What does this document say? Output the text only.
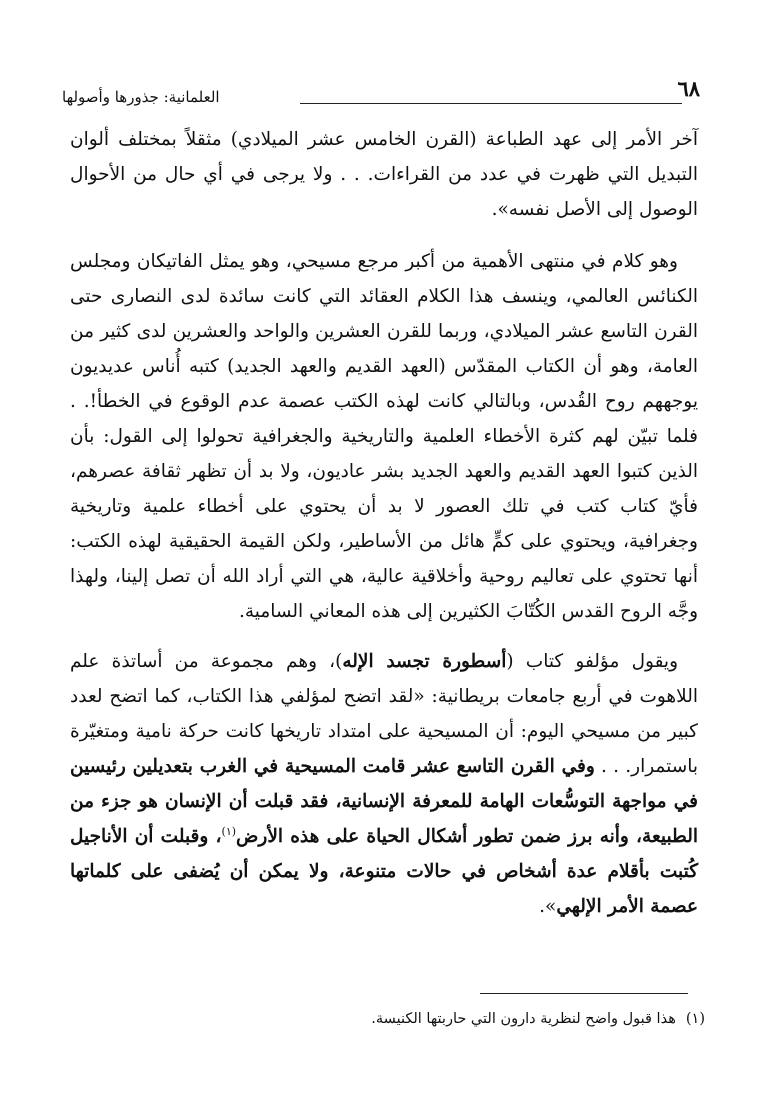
٦٨
العلمانية: جذورها وأصولها

آخر الأمر إلى عهد الطباعة (القرن الخامس عشر الميلادي) مثقلاً بمختلف ألوان التبديل التي ظهرت في عدد من القراءات. . . ولا يرجى في أي حال من الأحوال الوصول إلى الأصل نفسه».

وهو كلام في منتهى الأهمية من أكبر مرجع مسيحي، وهو يمثل الفاتيكان ومجلس الكنائس العالمي، وينسف هذا الكلام العقائد التي كانت سائدة لدى النصارى حتى القرن التاسع عشر الميلادي، وربما للقرن العشرين والواحد والعشرين لدى كثير من العامة، وهو أن الكتاب المقدّس (العهد القديم والعهد الجديد) كتبه أُناس عديديون يوجههم روح القُدس، وبالتالي كانت لهذه الكتب عصمة عدم الوقوع في الخطأ!. . فلما تبيّن لهم كثرة الأخطاء العلمية والتاريخية والجغرافية تحولوا إلى القول: بأن الذين كتبوا العهد القديم والعهد الجديد بشر عاديون، ولا بد أن تظهر ثقافة عصرهم، فأيّ كتاب كتب في تلك العصور لا بد أن يحتوي على أخطاء علمية وتاريخية وجغرافية، ويحتوي على كمٍّ هائل من الأساطير، ولكن القيمة الحقيقية لهذه الكتب: أنها تحتوي على تعاليم روحية وأخلاقية عالية، هي التي أراد الله أن تصل إلينا، ولهذا وجَّه الروح القدس الكُتّابَ الكثيرين إلى هذه المعاني السامية.

ويقول مؤلفو كتاب (أسطورة تجسد الإله)، وهم مجموعة من أساتذة علم اللاهوت في أربع جامعات بريطانية: «لقد اتضح لمؤلفي هذا الكتاب، كما اتضح لعدد كبير من مسيحي اليوم: أن المسيحية على امتداد تاريخها كانت حركة نامية ومتغيّرة باستمرار. . . وفي القرن التاسع عشر قامت المسيحية في الغرب بتعديلين رئيسين في مواجهة التوسُّعات الهامة للمعرفة الإنسانية، فقد قبلت أن الإنسان هو جزء من الطبيعة، وأنه برز ضمن تطور أشكال الحياة على هذه الأرض$^{(١)}$، وقبلت أن الأناجيل كُتبت بأقلام عدة أشخاص في حالات متنوعة، ولا يمكن أن يُضفى على كلماتها عصمة الأمر الإلهي».

(١)هذا قبول واضح لنظرية دارون التي حاربتها الكنيسة.
